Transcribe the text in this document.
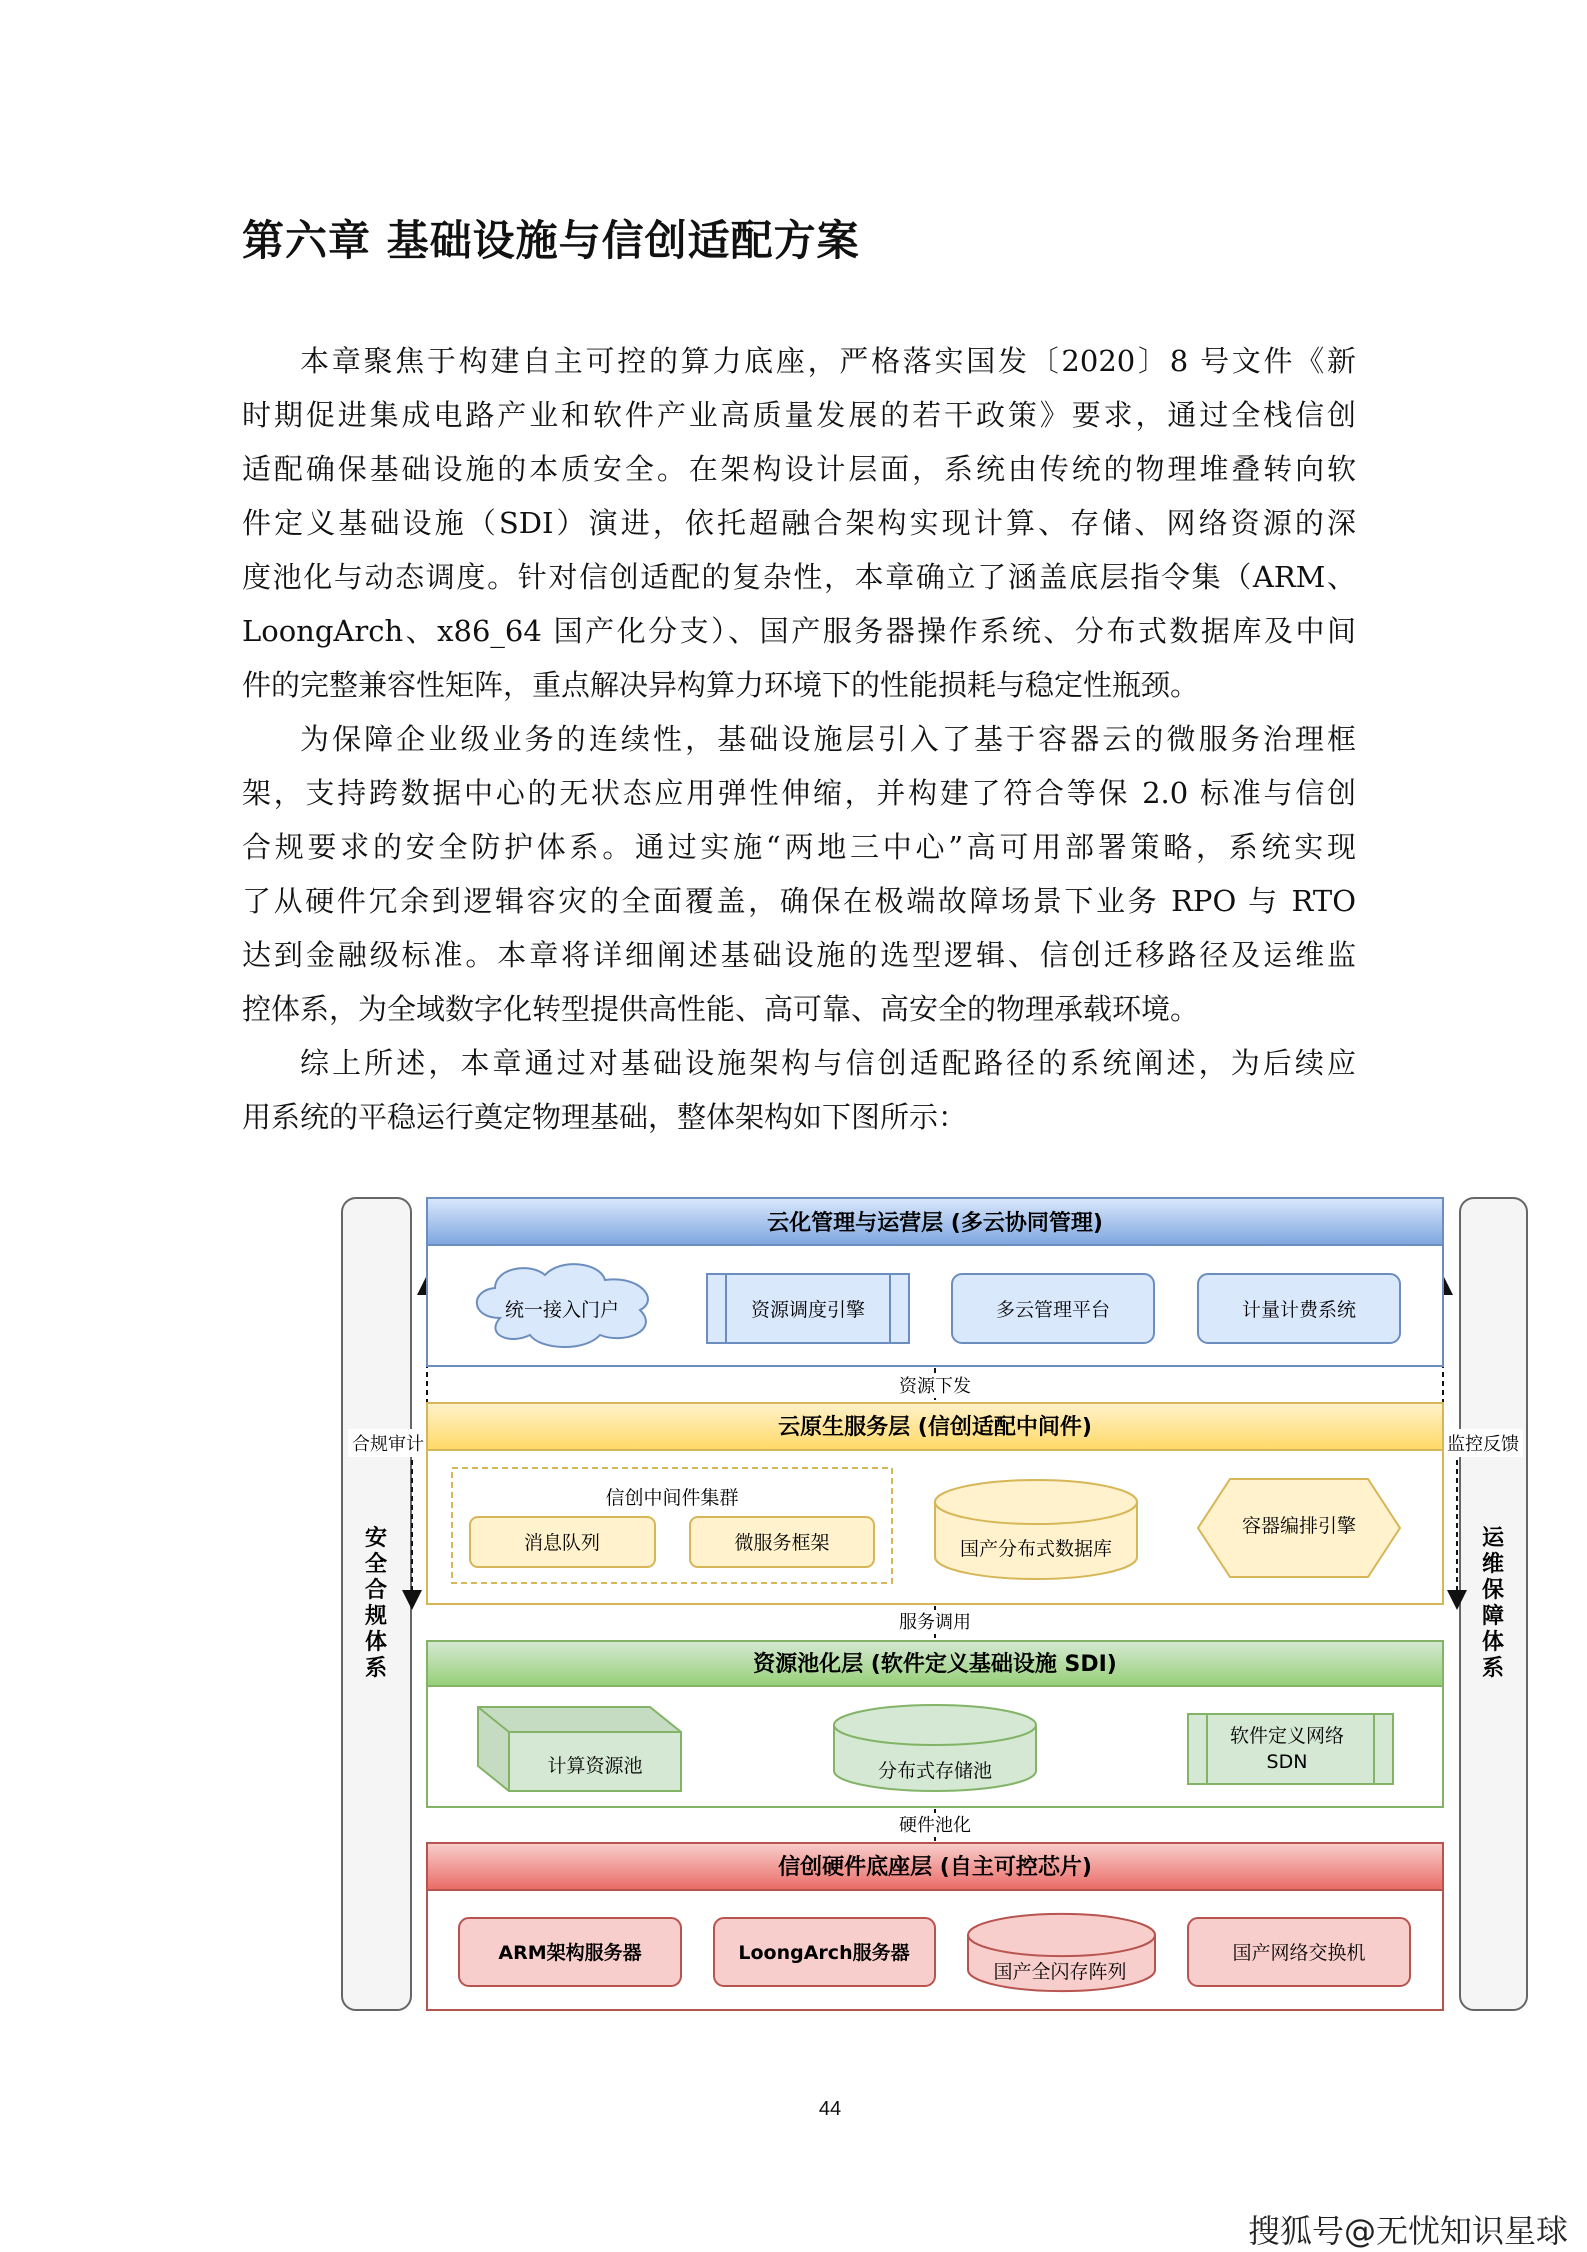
第六章 基础设施与信创适配方案
本章聚焦于构建自主可控的算力底座，严格落实国发〔2020〕8 号文件《新
时期促进集成电路产业和软件产业高质量发展的若干政策》要求，通过全栈信创
适配确保基础设施的本质安全。在架构设计层面，系统由传统的物理堆叠转向软
件定义基础设施（SDI）演进，依托超融合架构实现计算、存储、网络资源的深
度池化与动态调度。针对信创适配的复杂性，本章确立了涵盖底层指令集（ARM、
LoongArch、x86_64 国产化分支）、国产服务器操作系统、分布式数据库及中间
件的完整兼容性矩阵，重点解决异构算力环境下的性能损耗与稳定性瓶颈。
为保障企业级业务的连续性，基础设施层引入了基于容器云的微服务治理框
架，支持跨数据中心的无状态应用弹性伸缩，并构建了符合等保 2.0 标准与信创
合规要求的安全防护体系。通过实施“两地三中心”高可用部署策略，系统实现
了从硬件冗余到逻辑容灾的全面覆盖，确保在极端故障场景下业务 RPO 与 RTO
达到金融级标准。本章将详细阐述基础设施的选型逻辑、信创迁移路径及运维监
控体系，为全域数字化转型提供高性能、高可靠、高安全的物理承载环境。
综上所述，本章通过对基础设施架构与信创适配路径的系统阐述，为后续应
用系统的平稳运行奠定物理基础，整体架构如下图所示：
安全合规体系
运维保障体系
云化管理与运营层 (多云协同管理)
统一接入门户	资源调度引擎	多云管理平台	计量计费系统
资源下发
云原生服务层 (信创适配中间件)
信创中间件集群
消息队列	微服务框架	国产分布式数据库
容器编排引擎
服务调用
资源池化层 (软件定义基础设施 SDI)
计算资源池	分布式存储池
软件定义网络
SDN
硬件池化
信创硬件底座层 (自主可控芯片)
ARM架构服务器	LoongArch服务器
国产全闪存阵列
国产网络交换机
合规审计	监控反馈
44
搜狐号@无忧知识星球
